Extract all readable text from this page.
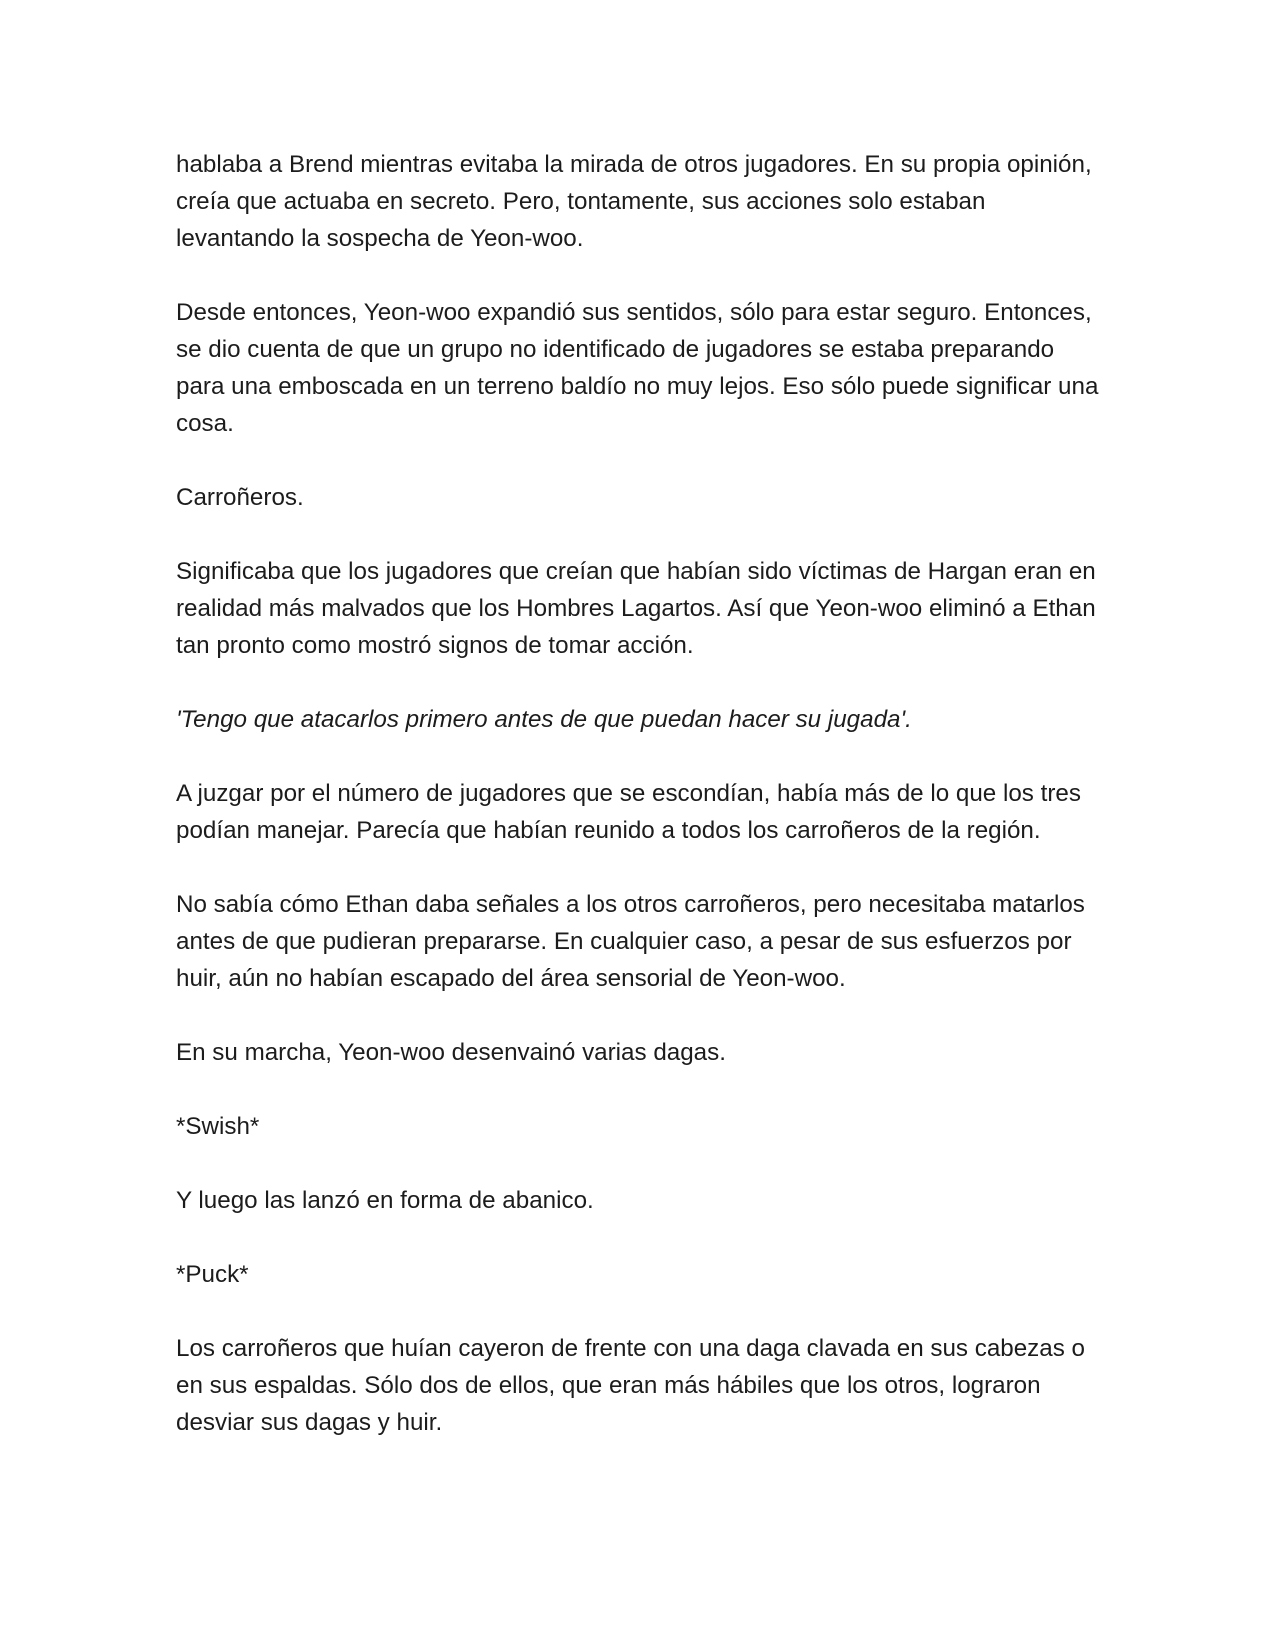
hablaba a Brend mientras evitaba la mirada de otros jugadores. En su propia opinión, creía que actuaba en secreto. Pero, tontamente, sus acciones solo estaban levantando la sospecha de Yeon-woo.

Desde entonces, Yeon-woo expandió sus sentidos, sólo para estar seguro. Entonces, se dio cuenta de que un grupo no identificado de jugadores se estaba preparando para una emboscada en un terreno baldío no muy lejos. Eso sólo puede significar una cosa.

Carroñeros.

Significaba que los jugadores que creían que habían sido víctimas de Hargan eran en realidad más malvados que los Hombres Lagartos. Así que Yeon-woo eliminó a Ethan tan pronto como mostró signos de tomar acción.

'Tengo que atacarlos primero antes de que puedan hacer su jugada'.

A juzgar por el número de jugadores que se escondían, había más de lo que los tres podían manejar. Parecía que habían reunido a todos los carroñeros de la región.

No sabía cómo Ethan daba señales a los otros carroñeros, pero necesitaba matarlos antes de que pudieran prepararse. En cualquier caso, a pesar de sus esfuerzos por huir, aún no habían escapado del área sensorial de Yeon-woo.

En su marcha, Yeon-woo desenvainó varias dagas.

*Swish*

Y luego las lanzó en forma de abanico.

*Puck*

Los carroñeros que huían cayeron de frente con una daga clavada en sus cabezas o en sus espaldas. Sólo dos de ellos, que eran más hábiles que los otros, lograron desviar sus dagas y huir.
